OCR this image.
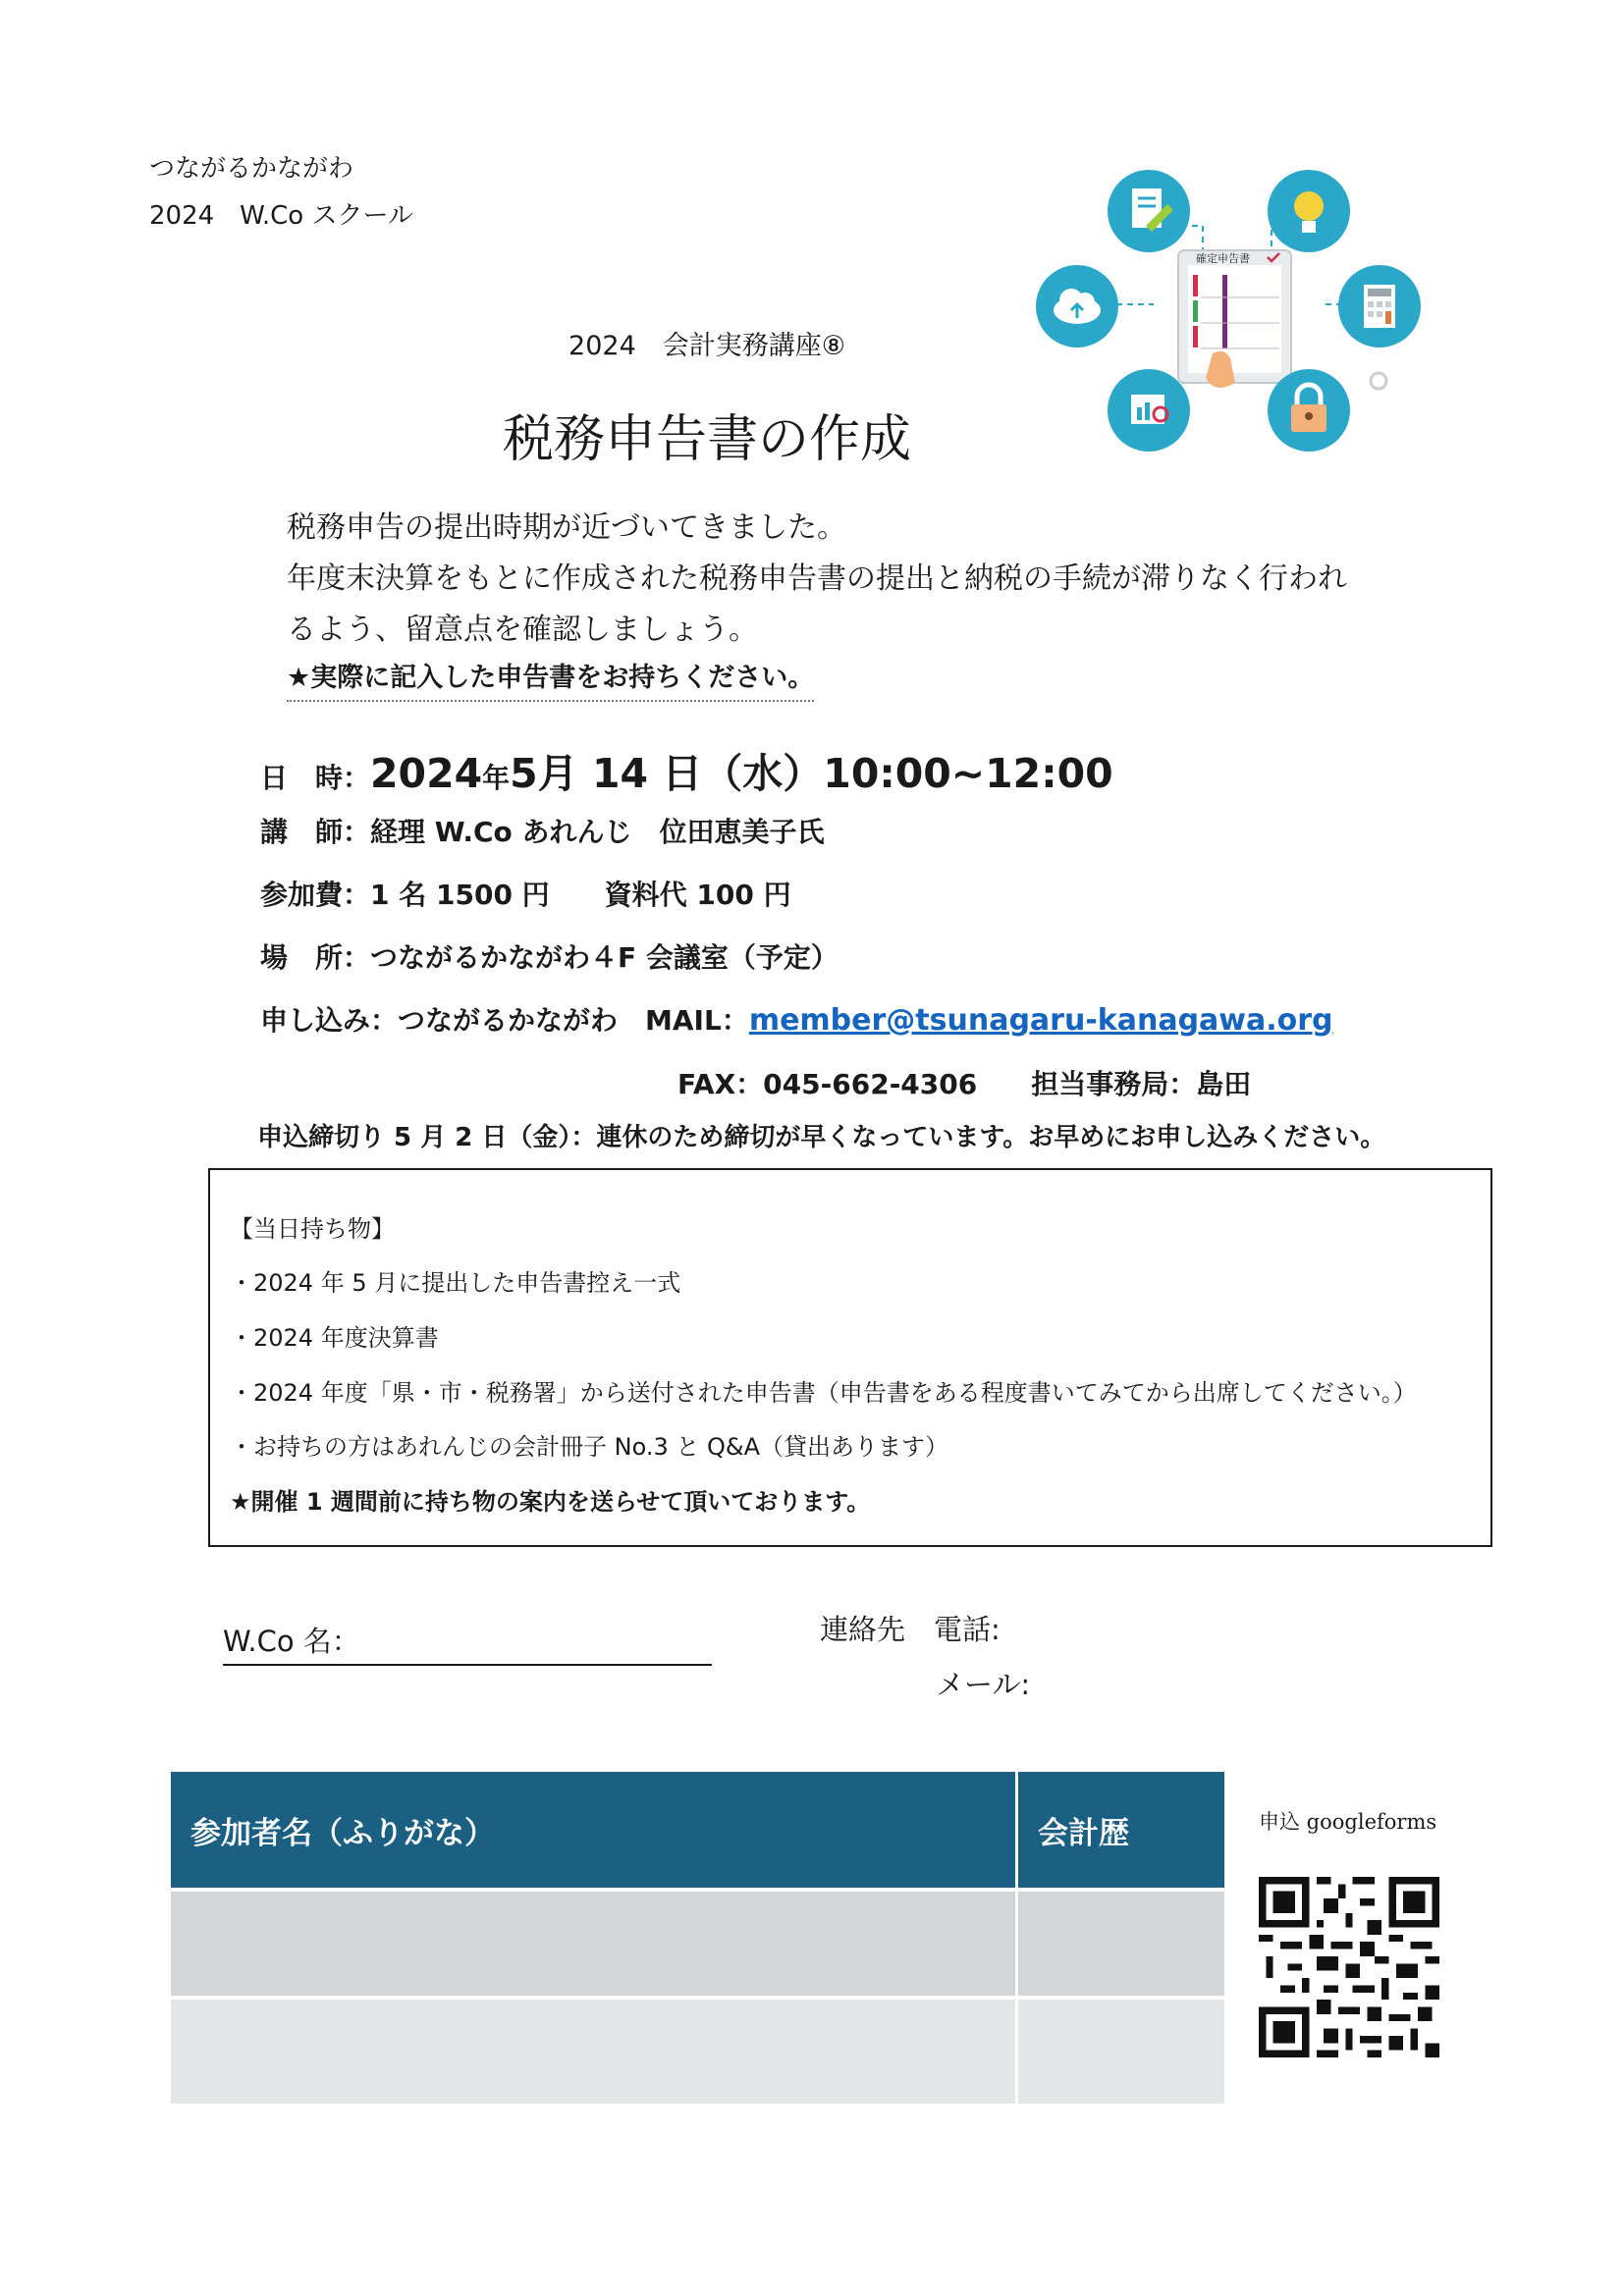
つながるかながわ
2024　W.Co スクール
2024　会計実務講座⑧
税務申告書の作成
確定申告書
税務申告の提出時期が近づいてきました。
年度末決算をもとに作成された税務申告書の提出と納税の手続が滞りなく行われ
るよう、留意点を確認しましょう。
★実際に記入した申告書をお持ちください。
日　時：2024年5月 14 日（水）10:00~12:00
講　師：経理 W.Co あれんじ　位田恵美子氏
参加費：1 名 1500 円　　資料代 100 円
場　所：つながるかながわ４F 会議室（予定）
申し込み：つながるかながわ　MAIL：member@tsunagaru-kanagawa.org
FAX：045-662-4306 担当事務局：島田
申込締切り 5 月 2 日（金）：連休のため締切が早くなっています。お早めにお申し込みください。
【当日持ち物】
・2024 年 5 月に提出した申告書控え一式
・2024 年度決算書
・2024 年度「県・市・税務署」から送付された申告書（申告書をある程度書いてみてから出席してください。）
・お持ちの方はあれんじの会計冊子 No.3 と Q&A（貸出あります）
★開催 1 週間前に持ち物の案内を送らせて頂いております。
W.Co 名：	連絡先　電話:
メール:
参加者名（ふりがな）	会計歴

		申込 googleforms
